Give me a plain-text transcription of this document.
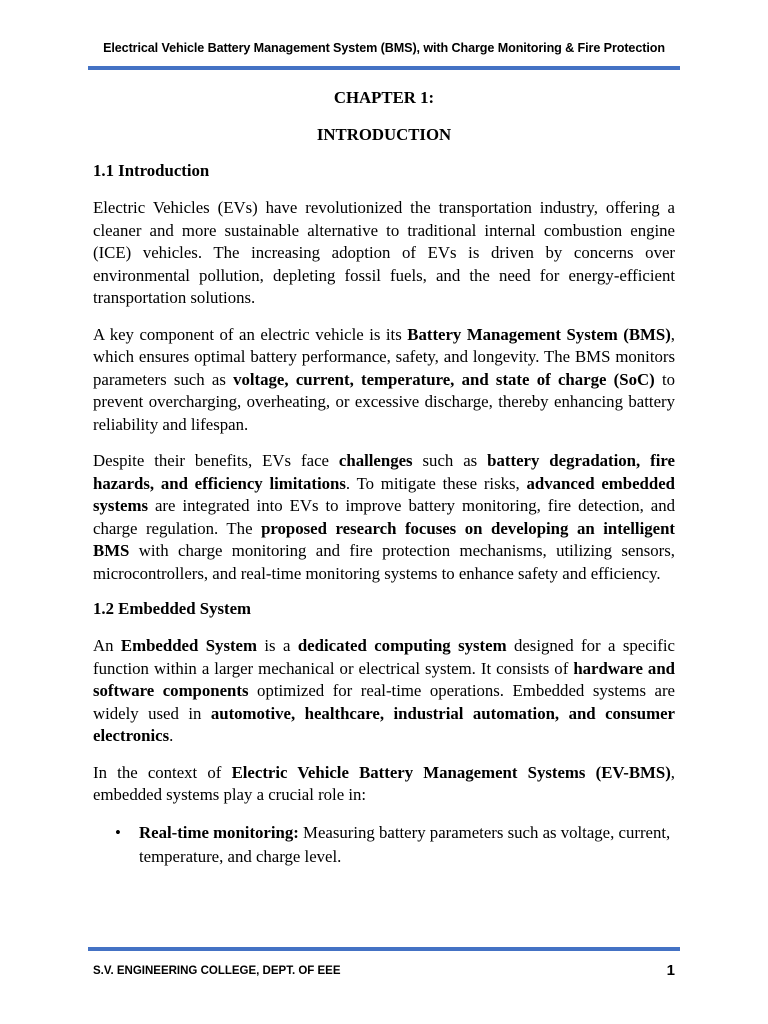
Electrical Vehicle Battery Management System (BMS), with Charge Monitoring & Fire Protection
CHAPTER 1:
INTRODUCTION
1.1 Introduction

Electric Vehicles (EVs) have revolutionized the transportation industry, offering a cleaner and more sustainable alternative to traditional internal combustion engine (ICE) vehicles. The increasing adoption of EVs is driven by concerns over environmental pollution, depleting fossil fuels, and the need for energy-efficient transportation solutions.

A key component of an electric vehicle is its Battery Management System (BMS), which ensures optimal battery performance, safety, and longevity. The BMS monitors parameters such as voltage, current, temperature, and state of charge (SoC) to prevent overcharging, overheating, or excessive discharge, thereby enhancing battery reliability and lifespan.

Despite their benefits, EVs face challenges such as battery degradation, fire hazards, and efficiency limitations. To mitigate these risks, advanced embedded systems are integrated into EVs to improve battery monitoring, fire detection, and charge regulation. The proposed research focuses on developing an intelligent BMS with charge monitoring and fire protection mechanisms, utilizing sensors, microcontrollers, and real-time monitoring systems to enhance safety and efficiency.

1.2 Embedded System

An Embedded System is a dedicated computing system designed for a specific function within a larger mechanical or electrical system. It consists of hardware and software components optimized for real-time operations. Embedded systems are widely used in automotive, healthcare, industrial automation, and consumer electronics.

In the context of Electric Vehicle Battery Management Systems (EV-BMS), embedded systems play a crucial role in:

• Real-time monitoring: Measuring battery parameters such as voltage, current, temperature, and charge level.
S.V. ENGINEERING COLLEGE, DEPT. OF EEE	1
